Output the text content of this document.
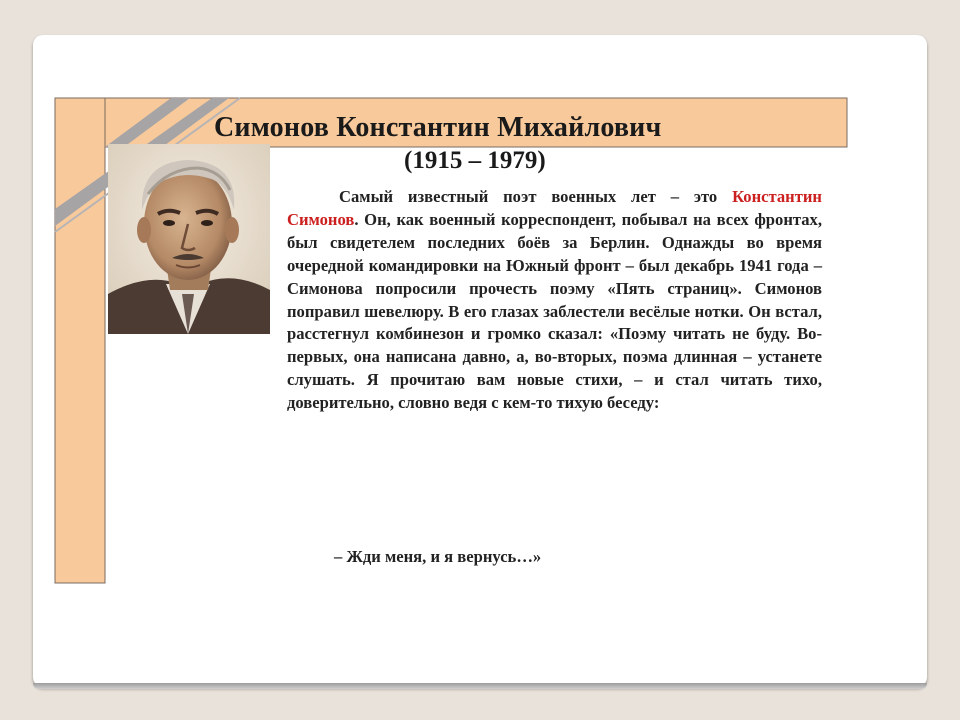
Симонов Константин Михайлович
(1915 – 1979)

Самый известный поэт военных лет – это Константин Симонов. Он, как военный корреспондент, побывал на всех фронтах, был свидетелем последних боёв за Берлин. Однажды во время очередной командировки на Южный фронт – был декабрь 1941 года – Симонова попросили прочесть поэму «Пять страниц». Симонов поправил шевелюру. В его глазах заблестели весёлые нотки. Он встал, расстегнул комбинезон и громко сказал: «Поэму читать не буду. Во-первых, она написана давно, а, во-вторых, поэма длинная – устанете слушать. Я прочитаю вам новые стихи, – и стал читать тихо, доверительно, словно ведя с кем-то тихую беседу:

– Жди меня, и я вернусь…»
